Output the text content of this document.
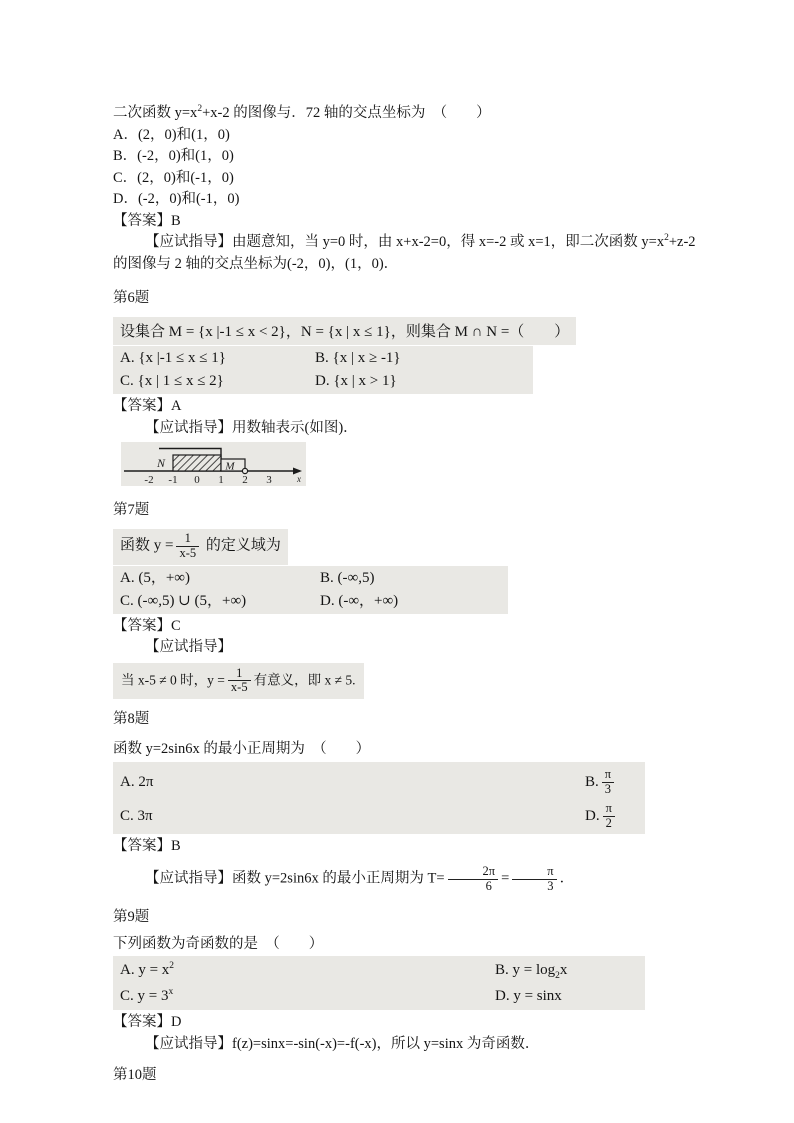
二次函数 $y=x^2+x-2$ 的图像与．72 轴的交点坐标为　（　　）
A．(2，0)和(1，0)
B．(-2，0)和(1，0)
C．(2，0)和(-1，0)
D．(-2，0)和(-1，0)
【答案】B
【应试指导】由题意知，当 y=0 时，由 x+x-2=0，得 x=-2 或 x=1，即二次函数 $y=x^2+z-2$
的图像与 2 轴的交点坐标为(-2，0)，(1，0)．
第6题
设集合 M = {x |-1 ≤ x < 2}，N = {x | x ≤ 1}，则集合 M ∩ N =（　　）
A. {x |-1 ≤ x ≤ 1}	B. {x | x ≥ -1}
C. {x | 1 ≤ x ≤ 2}	D. {x | x > 1}
【答案】A
【应试指导】用数轴表示(如图)．
N	M
-2 -1 0 1 2 3	x
第7题
函数 $y = \frac{1}{x-5}$ 的定义域为
A. (5，+∞)	B. (-∞,5)
C. (-∞,5) ∪ (5，+∞)	D. (-∞，+∞)
【答案】C
【应试指导】
当 x-5 ≠ 0 时，$y = \frac{1}{x-5}$ 有意义，即 x ≠ 5.
第8题
函数 y=2sin6x 的最小正周期为　（　　）
A. 2π	B. $\frac{\pi}{3}$
C. 3π	D. $\frac{\pi}{2}$
【答案】B
【应试指导】函数 y=2sin6x 的最小正周期为 $T= \frac{2\pi}{6} = \frac{\pi}{3}$ ．
第9题
下列函数为奇函数的是　（　　）
A. $y = x^2$	B. $y = \log_2x$
C. $y = 3^x$	D. y = sinx
【答案】D
【应试指导】f(z)=sinx=-sin(-x)=-f(-x)，所以 y=sinx 为奇函数．
第10题
